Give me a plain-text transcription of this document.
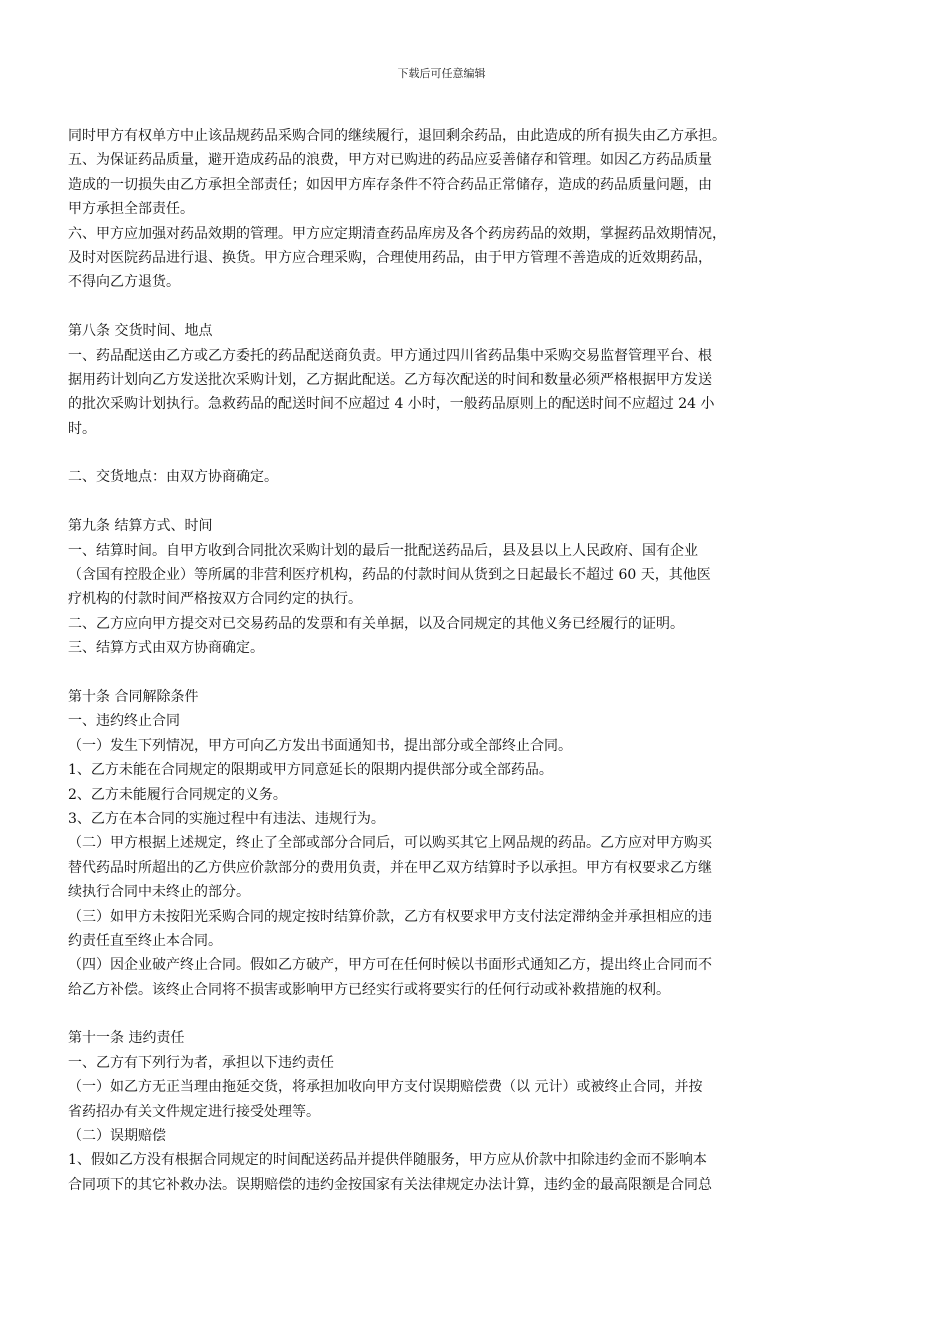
下载后可任意编辑
同时甲方有权单方中止该品规药品采购合同的继续履行，退回剩余药品，由此造成的所有损失由乙方承担。
五、为保证药品质量，避开造成药品的浪费，甲方对已购进的药品应妥善储存和管理。如因乙方药品质量
造成的一切损失由乙方承担全部责任；如因甲方库存条件不符合药品正常储存，造成的药品质量问题，由
甲方承担全部责任。
六、甲方应加强对药品效期的管理。甲方应定期清查药品库房及各个药房药品的效期，掌握药品效期情况，
及时对医院药品进行退、换货。甲方应合理采购，合理使用药品，由于甲方管理不善造成的近效期药品，
不得向乙方退货。
第八条 交货时间、地点
一、药品配送由乙方或乙方委托的药品配送商负责。甲方通过四川省药品集中采购交易监督管理平台、根
据用药计划向乙方发送批次采购计划，乙方据此配送。乙方每次配送的时间和数量必须严格根据甲方发送
的批次采购计划执行。急救药品的配送时间不应超过 4 小时，一般药品原则上的配送时间不应超过 24 小
时。
二、交货地点：由双方协商确定。
第九条 结算方式、时间
一、结算时间。自甲方收到合同批次采购计划的最后一批配送药品后，县及县以上人民政府、国有企业
（含国有控股企业）等所属的非营利医疗机构，药品的付款时间从货到之日起最长不超过 60 天，其他医
疗机构的付款时间严格按双方合同约定的执行。
二、乙方应向甲方提交对已交易药品的发票和有关单据，以及合同规定的其他义务已经履行的证明。
三、结算方式由双方协商确定。
第十条 合同解除条件
一、违约终止合同
（一）发生下列情况，甲方可向乙方发出书面通知书，提出部分或全部终止合同。
1、乙方未能在合同规定的限期或甲方同意延长的限期内提供部分或全部药品。
2、乙方未能履行合同规定的义务。
3、乙方在本合同的实施过程中有违法、违规行为。
（二）甲方根据上述规定，终止了全部或部分合同后，可以购买其它上网品规的药品。乙方应对甲方购买
替代药品时所超出的乙方供应价款部分的费用负责，并在甲乙双方结算时予以承担。甲方有权要求乙方继
续执行合同中未终止的部分。
（三）如甲方未按阳光采购合同的规定按时结算价款，乙方有权要求甲方支付法定滞纳金并承担相应的违
约责任直至终止本合同。
（四）因企业破产终止合同。假如乙方破产，甲方可在任何时候以书面形式通知乙方，提出终止合同而不
给乙方补偿。该终止合同将不损害或影响甲方已经实行或将要实行的任何行动或补救措施的权利。
第十一条 违约责任
一、乙方有下列行为者，承担以下违约责任
（一）如乙方无正当理由拖延交货，将承担加收向甲方支付误期赔偿费（以 元计）或被终止合同，并按
省药招办有关文件规定进行接受处理等。
（二）误期赔偿
1、假如乙方没有根据合同规定的时间配送药品并提供伴随服务，甲方应从价款中扣除违约金而不影响本
合同项下的其它补救办法。误期赔偿的违约金按国家有关法律规定办法计算，违约金的最高限额是合同总
